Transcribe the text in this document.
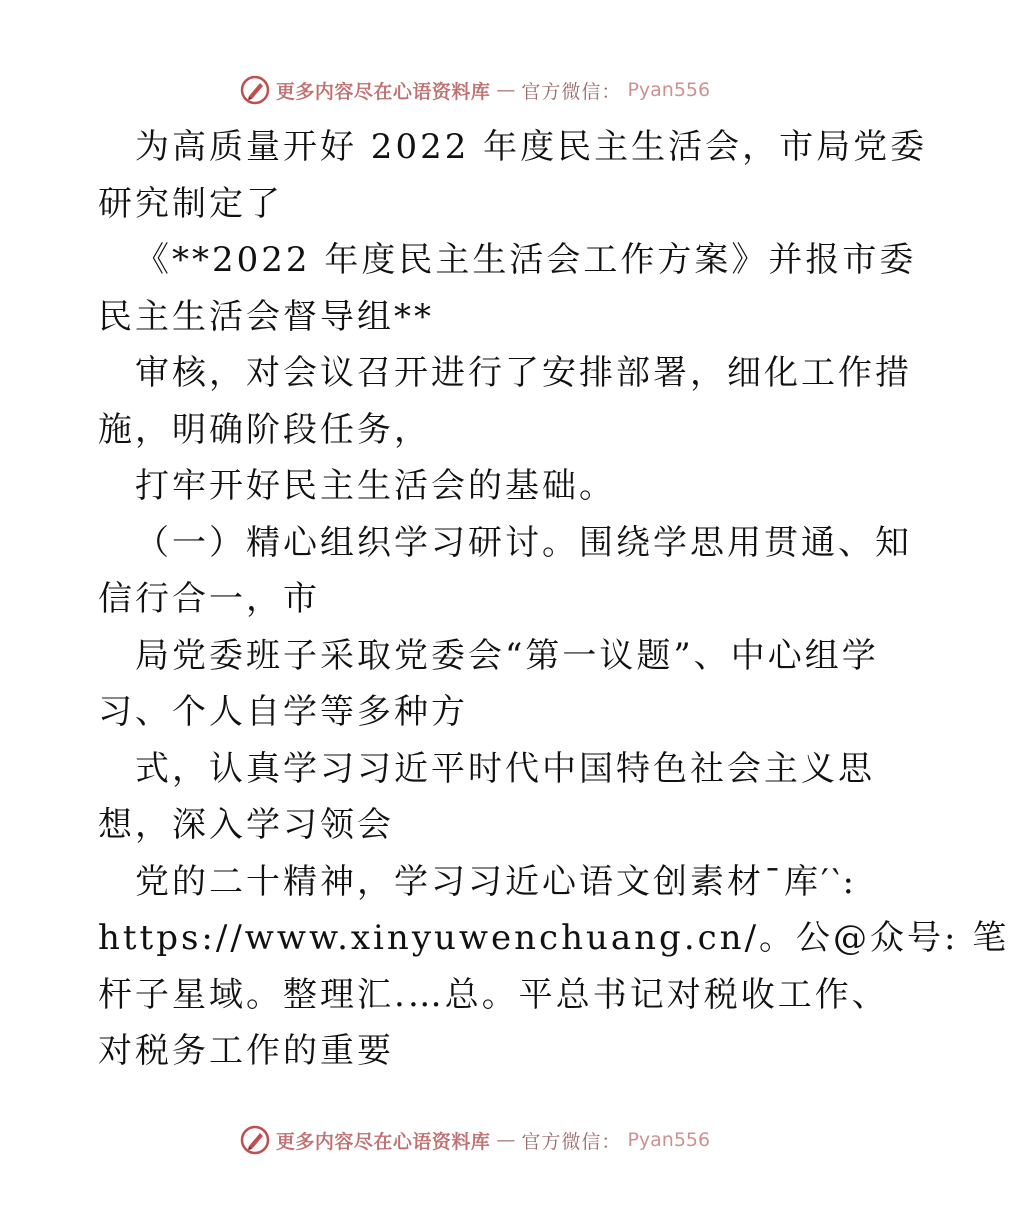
更多内容尽在心语资料库 — 官方微信： Pyan556
为高质量开好 2022 年度民主生活会，市局党委
研究制定了
《**2022 年度民主生活会工作方案》并报市委
民主生活会督导组**
审核，对会议召开进行了安排部署，细化工作措
施，明确阶段任务，
打牢开好民主生活会的基础。
（一）精心组织学习研讨。围绕学思用贯通、知
信行合一，市
局党委班子采取党委会“第一议题”、中心组学
习、个人自学等多种方
式，认真学习习近平时代中国特色社会主义思
想，深入学习领会
党的二十精神，学习习近心语文创素材¯库′‵:
https://www.xinyuwenchuang.cn/。公@众号: 笔
杆子星域。整理汇.…总。平总书记对税收工作、
对税务工作的重要
更多内容尽在心语资料库 — 官方微信： Pyan556
